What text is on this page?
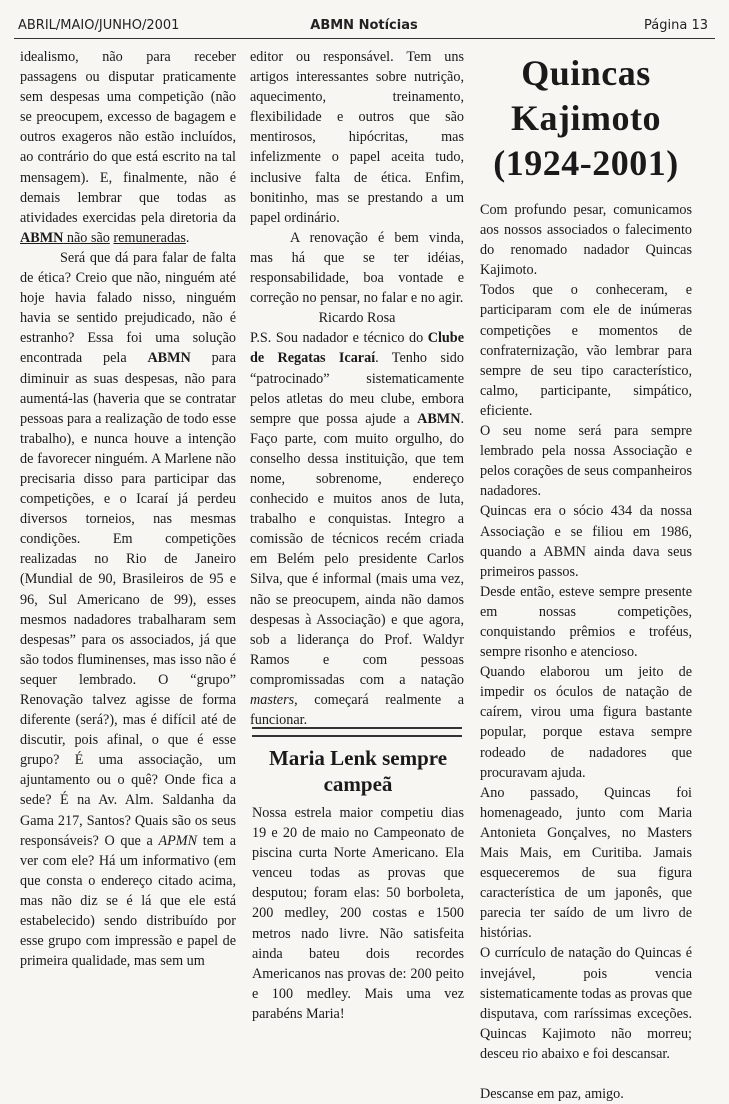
ABRIL/MAIO/JUNHO/2001	ABMN Notícias	Página 13

idealismo, não para receber passagens ou disputar praticamente sem despesas uma competição (não se preocupem, excesso de bagagem e outros exageros não estão incluídos, ao contrário do que está escrito na tal mensagem). E, finalmente, não é demais lembrar que todas as atividades exercidas pela diretoria da ABMN não são remuneradas.

Será que dá para falar de falta de ética? Creio que não, ninguém até hoje havia falado nisso, ninguém havia se sentido prejudicado, não é estranho? Essa foi uma solução encontrada pela ABMN para diminuir as suas despesas, não para aumentá-las (haveria que se contratar pessoas para a realização de todo esse trabalho), e nunca houve a intenção de favorecer ninguém. A Marlene não precisaria disso para participar das competições, e o Icaraí já perdeu diversos torneios, nas mesmas condições. Em competições realizadas no Rio de Janeiro (Mundial de 90, Brasileiros de 95 e 96, Sul Americano de 99), esses mesmos nadadores trabalharam sem despesas” para os associados, já que são todos fluminenses, mas isso não é sequer lembrado. O “grupo” Renovação talvez agisse de forma diferente (será?), mas é difícil até de discutir, pois afinal, o que é esse grupo? É uma associação, um ajuntamento ou o quê? Onde fica a sede? É na Av. Alm. Saldanha da Gama 217, Santos? Quais são os seus responsáveis? O que a APMN tem a ver com ele? Há um informativo (em que consta o endereço citado acima, mas não diz se é lá que ele está estabelecido) sendo distribuído por esse grupo com impressão e papel de primeira qualidade, mas sem um

editor ou responsável. Tem uns artigos interessantes sobre nutrição, aquecimento, treinamento, flexibilidade e outros que são mentirosos, hipócritas, mas infelizmente o papel aceita tudo, inclusive falta de ética. Enfim, bonitinho, mas se prestando a um papel ordinário.

A renovação é bem vinda, mas há que se ter idéias, responsabilidade, boa vontade e correção no pensar, no falar e no agir.

Ricardo Rosa

P.S. Sou nadador e técnico do Clube de Regatas Icaraí. Tenho sido “patrocinado” sistematicamente pelos atletas do meu clube, embora sempre que possa ajude a ABMN. Faço parte, com muito orgulho, do conselho dessa instituição, que tem nome, sobrenome, endereço conhecido e muitos anos de luta, trabalho e conquistas. Integro a comissão de técnicos recém criada em Belém pelo presidente Carlos Silva, que é informal (mais uma vez, não se preocupem, ainda não damos despesas à Associação) e que agora, sob a liderança do Prof. Waldyr Ramos e com pessoas compromissadas com a natação masters, começará realmente a funcionar.

Maria Lenk sempre campeã

Nossa estrela maior competiu dias 19 e 20 de maio no Campeonato de piscina curta Norte Americano. Ela venceu todas as provas que desputou; foram elas: 50 borboleta, 200 medley, 200 costas e 1500 metros nado livre. Não satisfeita ainda bateu dois recordes Americanos nas provas de: 200 peito e 100 medley. Mais uma vez parabéns Maria!

Quincas
Kajimoto
(1924-2001)

Com profundo pesar, comunicamos aos nossos associados o falecimento do renomado nadador Quincas Kajimoto.

Todos que o conheceram, e participaram com ele de inúmeras competições e momentos de confraternização, vão lembrar para sempre de seu tipo característico, calmo, participante, simpático, eficiente.

O seu nome será para sempre lembrado pela nossa Associação e pelos corações de seus companheiros nadadores.

Quincas era o sócio 434 da nossa Associação e se filiou em 1986, quando a ABMN ainda dava seus primeiros passos.

Desde então, esteve sempre presente em nossas competições, conquistando prêmios e troféus, sempre risonho e atencioso.

Quando elaborou um jeito de impedir os óculos de natação de caírem, virou uma figura bastante popular, porque estava sempre rodeado de nadadores que procuravam ajuda.

Ano passado, Quincas foi homenageado, junto com Maria Antonieta Gonçalves, no Masters Mais Mais, em Curitiba. Jamais esqueceremos de sua figura característica de um japonês, que parecia ter saído de um livro de histórias.

O currículo de natação do Quincas é invejável, pois vencia sistematicamente todas as provas que disputava, com raríssimas exceções. Quincas Kajimoto não morreu; desceu rio abaixo e foi descansar.

Descanse em paz, amigo.
